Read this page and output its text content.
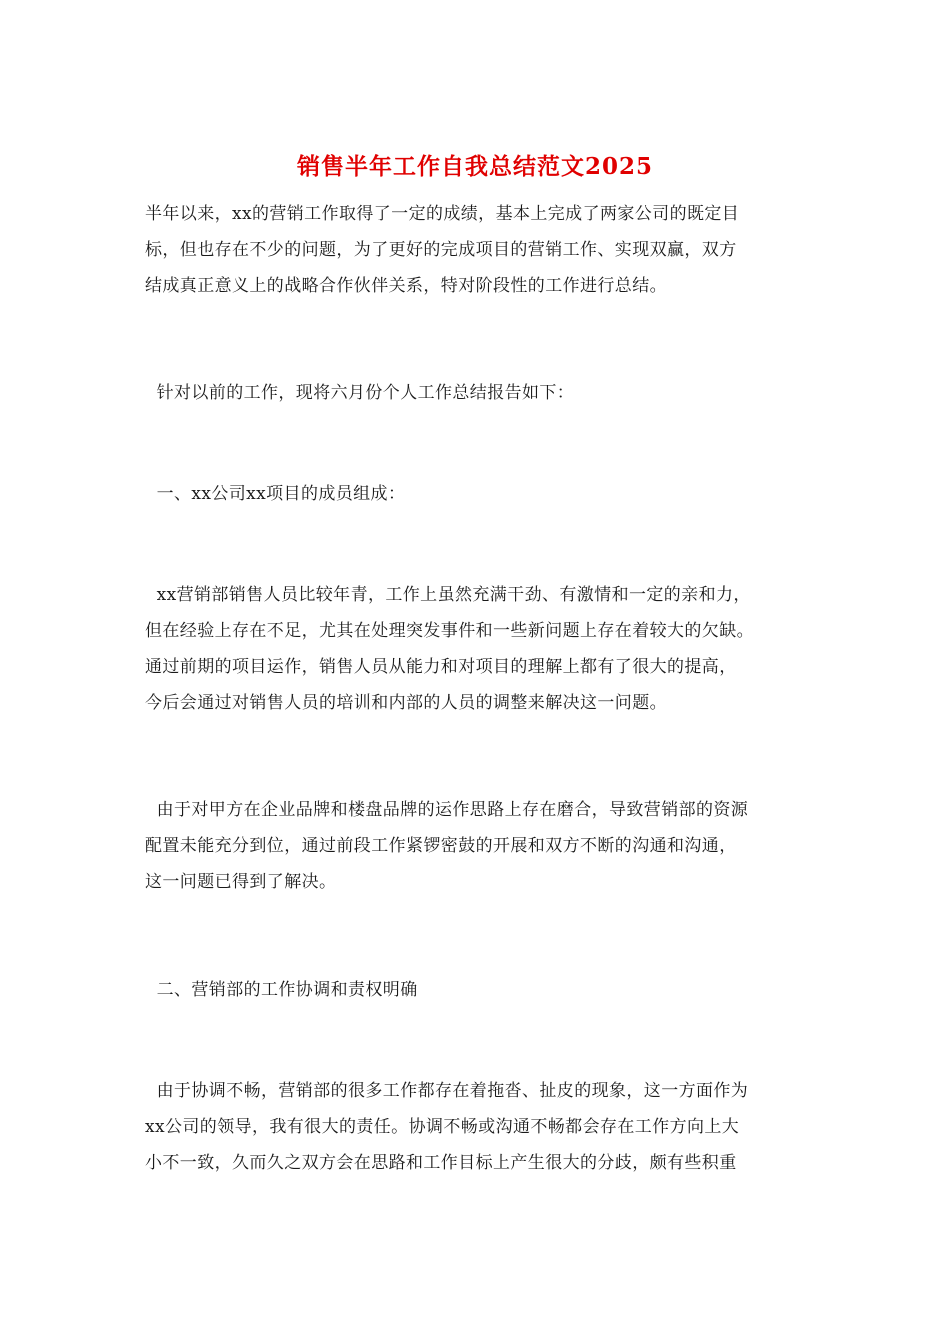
销售半年工作自我总结范文2025

半年以来，xx的营销工作取得了一定的成绩，基本上完成了两家公司的既定目
标，但也存在不少的问题，为了更好的完成项目的营销工作、实现双赢，双方
结成真正意义上的战略合作伙伴关系，特对阶段性的工作进行总结。

针对以前的工作，现将六月份个人工作总结报告如下：

一、xx公司xx项目的成员组成：

xx营销部销售人员比较年青，工作上虽然充满干劲、有激情和一定的亲和力，
但在经验上存在不足，尤其在处理突发事件和一些新问题上存在着较大的欠缺。
通过前期的项目运作，销售人员从能力和对项目的理解上都有了很大的提高，
今后会通过对销售人员的培训和内部的人员的调整来解决这一问题。

由于对甲方在企业品牌和楼盘品牌的运作思路上存在磨合，导致营销部的资源
配置未能充分到位，通过前段工作紧锣密鼓的开展和双方不断的沟通和沟通，
这一问题已得到了解决。

二、营销部的工作协调和责权明确

由于协调不畅，营销部的很多工作都存在着拖沓、扯皮的现象，这一方面作为
xx公司的领导，我有很大的责任。协调不畅或沟通不畅都会存在工作方向上大
小不一致，久而久之双方会在思路和工作目标上产生很大的分歧，颇有些积重
